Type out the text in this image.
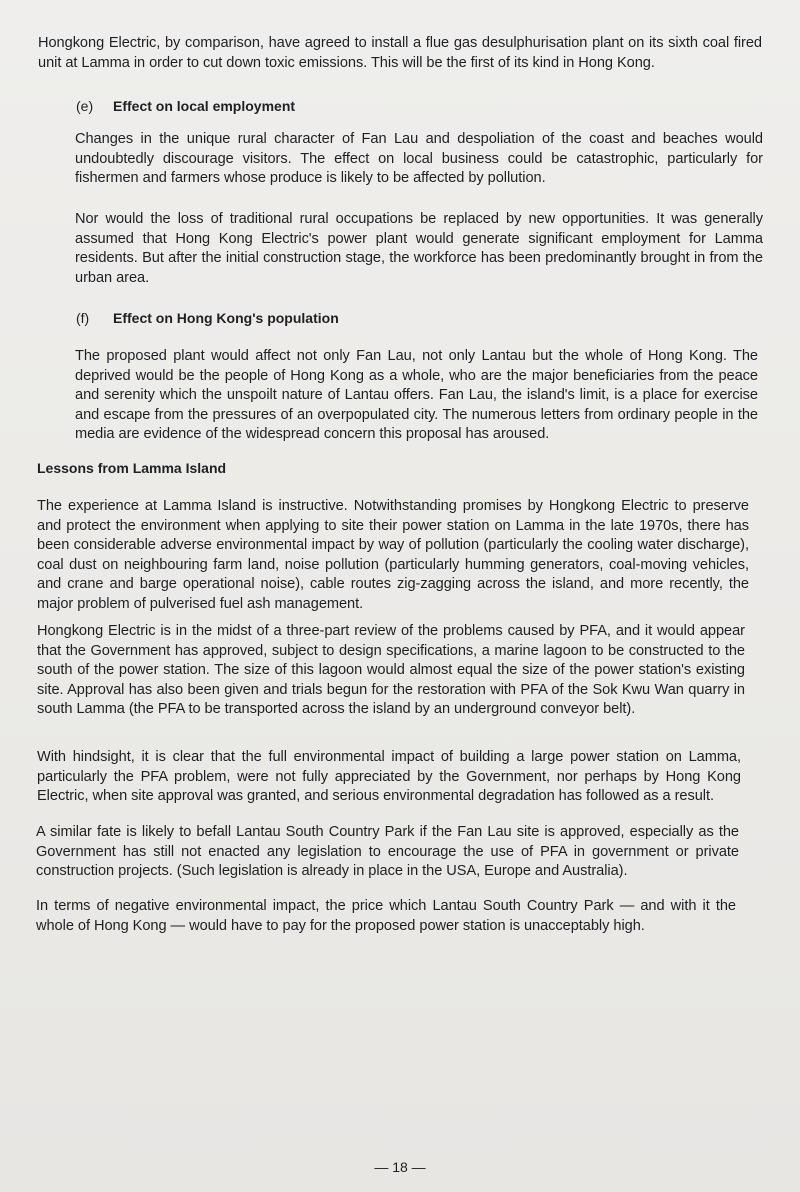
Hongkong Electric, by comparison, have agreed to install a flue gas desulphurisation plant on its sixth coal fired unit at Lamma in order to cut down toxic emissions. This will be the first of its kind in Hong Kong.

(e) Effect on local employment

Changes in the unique rural character of Fan Lau and despoliation of the coast and beaches would undoubtedly discourage visitors. The effect on local business could be catastrophic, particularly for fishermen and farmers whose produce is likely to be affected by pollution.

Nor would the loss of traditional rural occupations be replaced by new opportunities. It was generally assumed that Hong Kong Electric's power plant would generate significant employment for Lamma residents. But after the initial construction stage, the workforce has been predominantly brought in from the urban area.

(f) Effect on Hong Kong's population

The proposed plant would affect not only Fan Lau, not only Lantau but the whole of Hong Kong. The deprived would be the people of Hong Kong as a whole, who are the major beneficiaries from the peace and serenity which the unspoilt nature of Lantau offers. Fan Lau, the island's limit, is a place for exercise and escape from the pressures of an overpopulated city. The numerous letters from ordinary people in the media are evidence of the widespread concern this proposal has aroused.

Lessons from Lamma Island

The experience at Lamma Island is instructive. Notwithstanding promises by Hongkong Electric to preserve and protect the environment when applying to site their power station on Lamma in the late 1970s, there has been considerable adverse environmental impact by way of pollution (particularly the cooling water discharge), coal dust on neighbouring farm land, noise pollution (particularly humming generators, coal-moving vehicles, and crane and barge operational noise), cable routes zig-zagging across the island, and more recently, the major problem of pulverised fuel ash management.

Hongkong Electric is in the midst of a three-part review of the problems caused by PFA, and it would appear that the Government has approved, subject to design specifications, a marine lagoon to be constructed to the south of the power station. The size of this lagoon would almost equal the size of the power station's existing site. Approval has also been given and trials begun for the restoration with PFA of the Sok Kwu Wan quarry in south Lamma (the PFA to be transported across the island by an underground conveyor belt).

With hindsight, it is clear that the full environmental impact of building a large power station on Lamma, particularly the PFA problem, were not fully appreciated by the Government, nor perhaps by Hong Kong Electric, when site approval was granted, and serious environmental degradation has followed as a result.

A similar fate is likely to befall Lantau South Country Park if the Fan Lau site is approved, especially as the Government has still not enacted any legislation to encourage the use of PFA in government or private construction projects. (Such legislation is already in place in the USA, Europe and Australia).

In terms of negative environmental impact, the price which Lantau South Country Park — and with it the whole of Hong Kong — would have to pay for the proposed power station is unacceptably high.

— 18 —
